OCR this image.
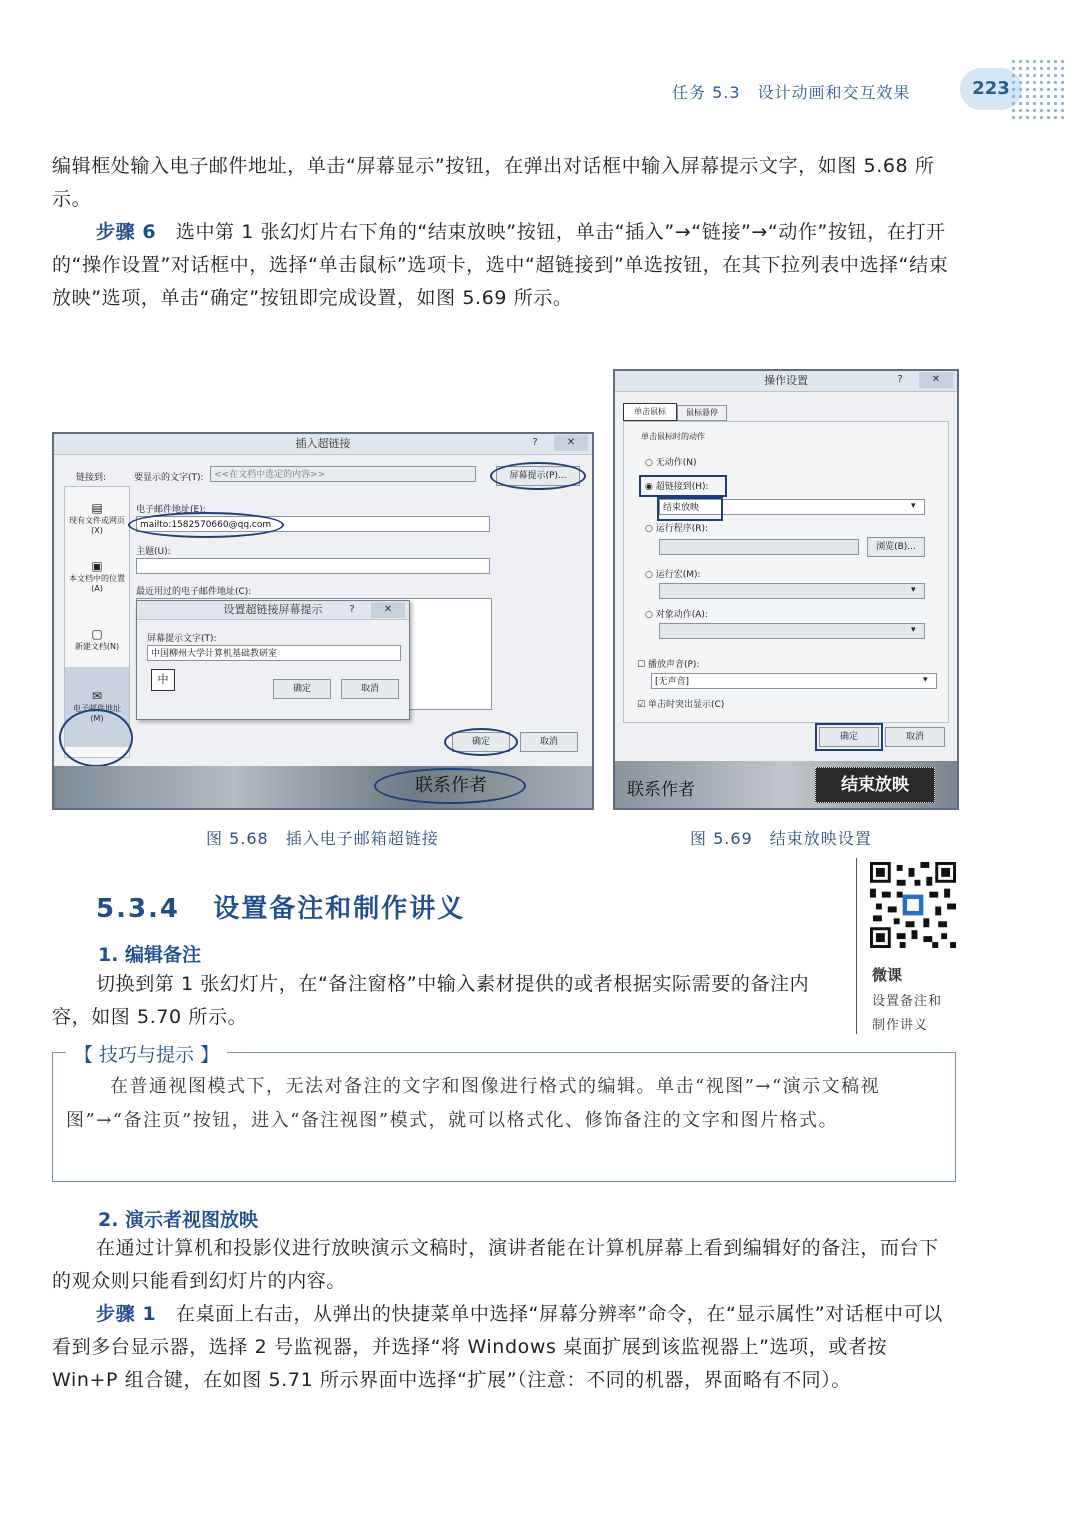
任务 5.3　设计动画和交互效果	223
编辑框处输入电子邮件地址，单击“屏幕显示”按钮，在弹出对话框中输入屏幕提示文字，如图 5.68 所示。
步骤 6　选中第 1 张幻灯片右下角的“结束放映”按钮，单击“插入”→“链接”→“动作”按钮，在打开的“操作设置”对话框中，选择“单击鼠标”选项卡，选中“超链接到”单选按钮，在其下拉列表中选择“结束放映”选项，单击“确定”按钮即完成设置，如图 5.69 所示。
插入超链接	?	✕
链接到:	要显示的文字(T):	<<在文档中选定的内容>>	屏幕提示(P)...
▤
现有文件或网页(X)
▣
本文档中的位置(A)
▢
新建文档(N)
✉
电子邮件地址(M)
电子邮件地址(E):
mailto:1582570660@qq.com
主题(U):
最近用过的电子邮件地址(C):
设置超链接屏幕提示	?	✕
屏幕提示文字(T):
中国柳州大学计算机基础教研室
中
确定	取消
确定	取消
联系作者
操作设置	?	✕
单击鼠标	鼠标悬停
单击鼠标时的动作
○ 无动作(N)
◉ 超链接到(H):
结束放映	▾
○ 运行程序(R):
浏览(B)...
○ 运行宏(M):
▾
○ 对象动作(A):
▾
☐ 播放声音(P):
[无声音]	▾
☑ 单击时突出显示(C)
确定	取消
联系作者	结束放映
图 5.68　插入电子邮箱超链接	图 5.69　结束放映设置
5.3.4 设置备注和制作讲义
1. 编辑备注
切换到第 1 张幻灯片，在“备注窗格”中输入素材提供的或者根据实际需要的备注内容，如图 5.70 所示。
微课
设置备注和
制作讲义
【 技巧与提示 】
在普通视图模式下，无法对备注的文字和图像进行格式的编辑。单击“视图”→“演示文稿视图”→“备注页”按钮，进入“备注视图”模式，就可以格式化、修饰备注的文字和图片格式。
2. 演示者视图放映
在通过计算机和投影仪进行放映演示文稿时，演讲者能在计算机屏幕上看到编辑好的备注，而台下的观众则只能看到幻灯片的内容。
步骤 1　在桌面上右击，从弹出的快捷菜单中选择“屏幕分辨率”命令，在“显示属性”对话框中可以看到多台显示器，选择 2 号监视器，并选择“将 Windows 桌面扩展到该监视器上”选项，或者按 Win+P 组合键，在如图 5.71 所示界面中选择“扩展”（注意：不同的机器，界面略有不同）。
